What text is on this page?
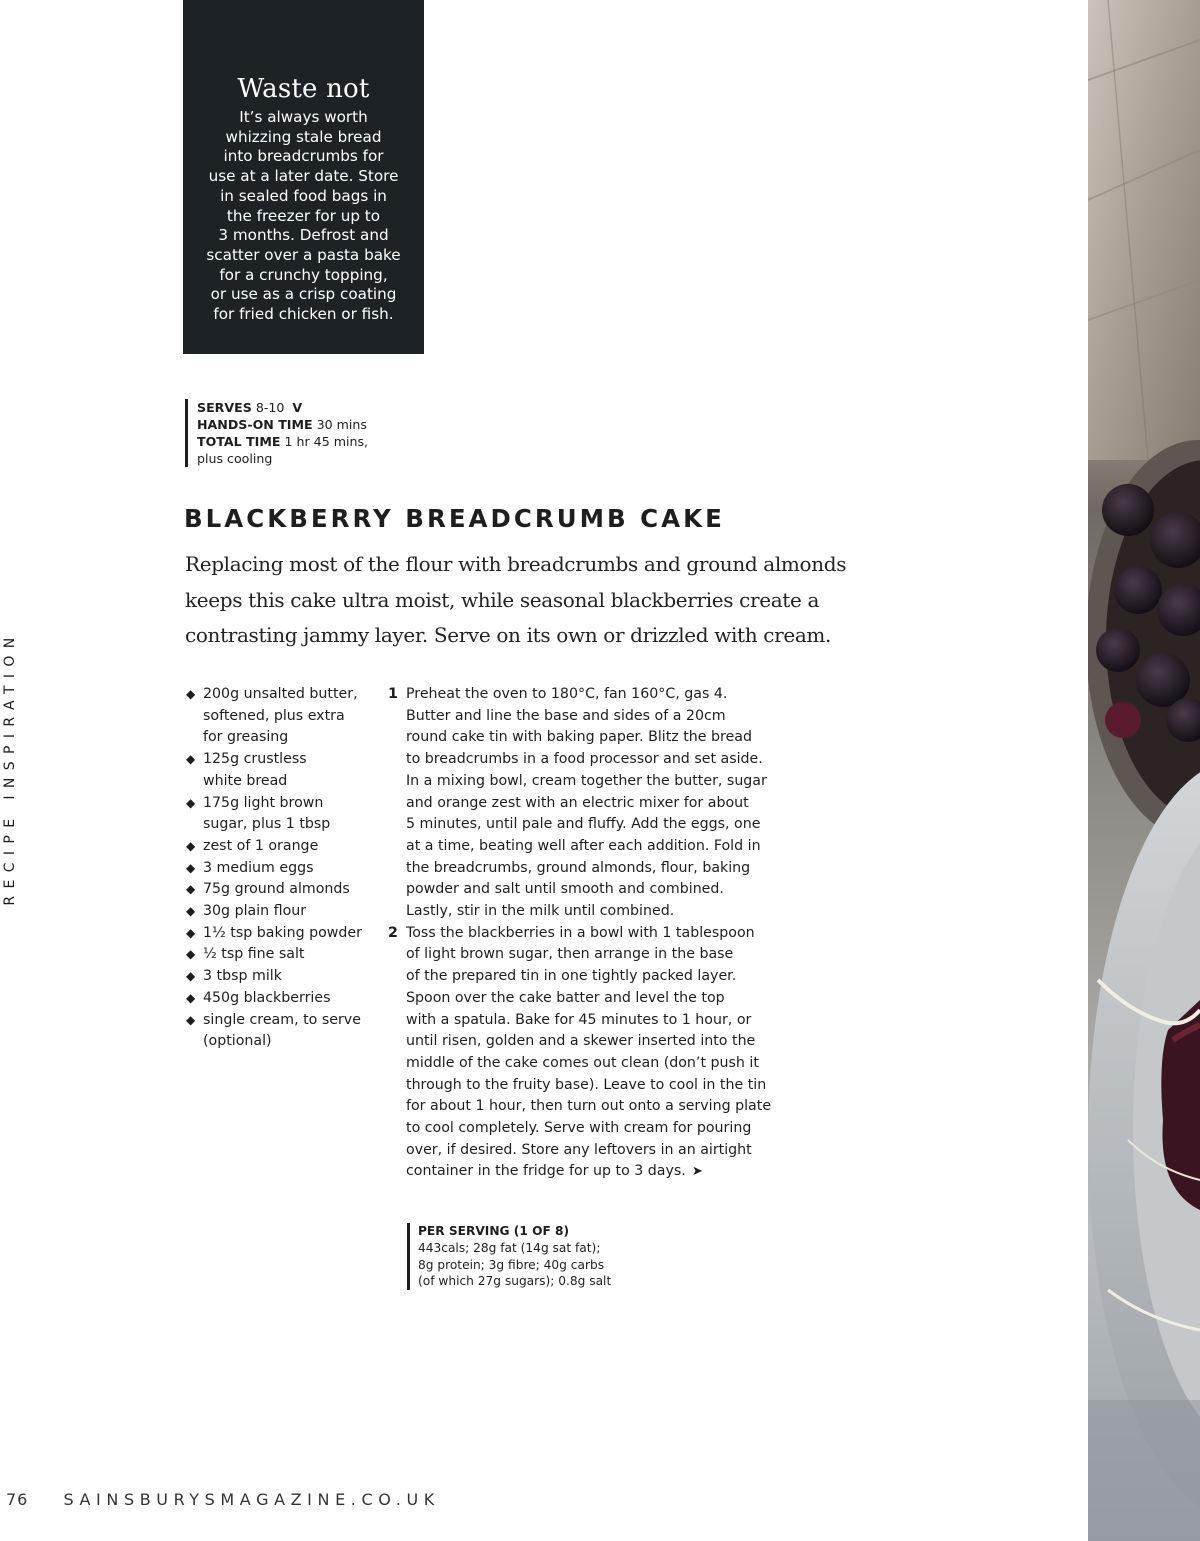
Waste not
It’s always worth
whizzing stale bread
into breadcrumbs for
use at a later date. Store
in sealed food bags in
the freezer for up to
3 months. Defrost and
scatter over a pasta bake
for a crunchy topping,
or use as a crisp coating
for fried chicken or fish.
SERVES 8-10 V
HANDS-ON TIME 30 mins
TOTAL TIME 1 hr 45 mins,
plus cooling
BLACKBERRY BREADCRUMB CAKE

Replacing most of the flour with breadcrumbs and ground almonds
keeps this cake ultra moist, while seasonal blackberries create a
contrasting jammy layer. Serve on its own or drizzled with cream.

◆ 200g unsalted butter,
softened, plus extra
for greasing
◆ 125g crustless
white bread
◆ 175g light brown
sugar, plus 1 tbsp
◆ zest of 1 orange
◆ 3 medium eggs
◆ 75g ground almonds
◆ 30g plain flour
◆ 1½ tsp baking powder
◆ ½ tsp fine salt
◆ 3 tbsp milk
◆ 450g blackberries
◆ single cream, to serve
(optional)
1 Preheat the oven to 180°C, fan 160°C, gas 4.
Butter and line the base and sides of a 20cm
round cake tin with baking paper. Blitz the bread
to breadcrumbs in a food processor and set aside.
In a mixing bowl, cream together the butter, sugar
and orange zest with an electric mixer for about
5 minutes, until pale and fluffy. Add the eggs, one
at a time, beating well after each addition. Fold in
the breadcrumbs, ground almonds, flour, baking
powder and salt until smooth and combined.
Lastly, stir in the milk until combined.
2 Toss the blackberries in a bowl with 1 tablespoon
of light brown sugar, then arrange in the base
of the prepared tin in one tightly packed layer.
Spoon over the cake batter and level the top
with a spatula. Bake for 45 minutes to 1 hour, or
until risen, golden and a skewer inserted into the
middle of the cake comes out clean (don’t push it
through to the fruity base). Leave to cool in the tin
for about 1 hour, then turn out onto a serving plate
to cool completely. Serve with cream for pouring
over, if desired. Store any leftovers in an airtight
container in the fridge for up to 3 days. ➤
PER SERVING (1 OF 8)
443cals; 28g fat (14g sat fat);
8g protein; 3g fibre; 40g carbs
(of which 27g sugars); 0.8g salt
RECIPE INSPIRATION
76 SAINSBURYSMAGAZINE.CO.UK
